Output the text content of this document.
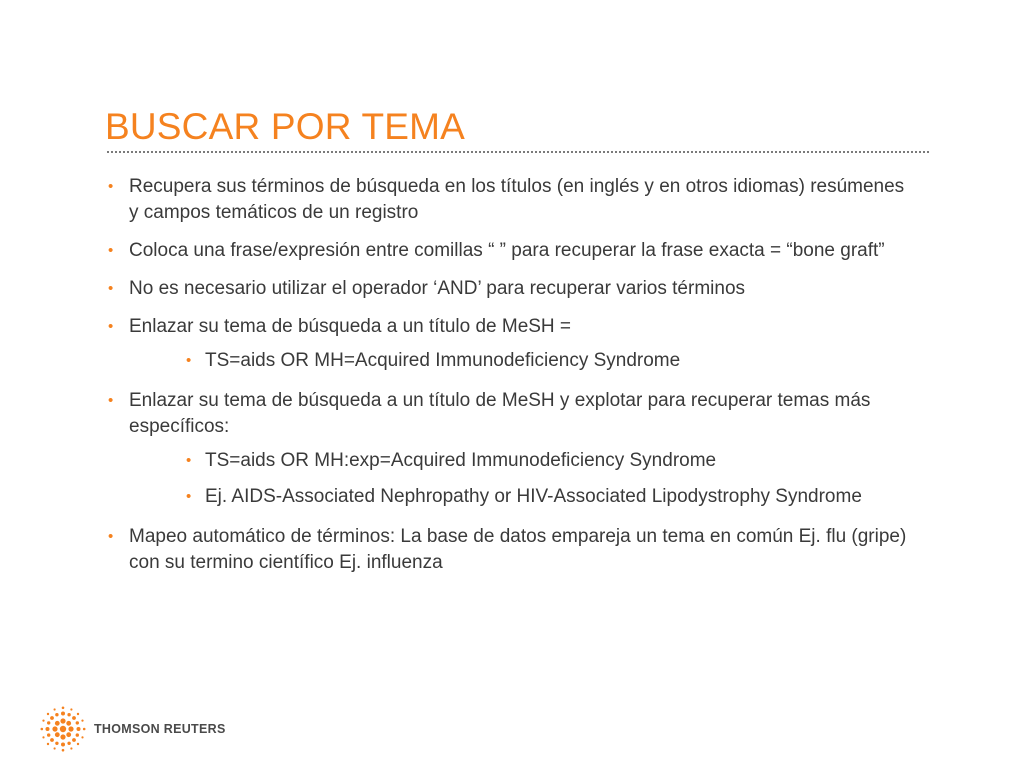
BUSCAR POR TEMA
• Recupera sus términos de búsqueda en los títulos (en inglés y en otros idiomas) resúmenes y campos temáticos de un registro
• Coloca una frase/expresión entre comillas “ ” para recuperar la frase exacta = “bone graft”
• No es necesario utilizar el operador ‘AND’ para recuperar varios términos
• Enlazar su tema de búsqueda a un título de MeSH =
• TS=aids OR MH=Acquired Immunodeficiency Syndrome
• Enlazar su tema de búsqueda a un título de MeSH y explotar para recuperar temas más específicos:
• TS=aids OR MH:exp=Acquired Immunodeficiency Syndrome
• Ej. AIDS-Associated Nephropathy or HIV-Associated Lipodystrophy Syndrome
• Mapeo automático de términos: La base de datos empareja un tema en común Ej. flu (gripe) con su termino científico Ej. influenza
THOMSON REUTERS
